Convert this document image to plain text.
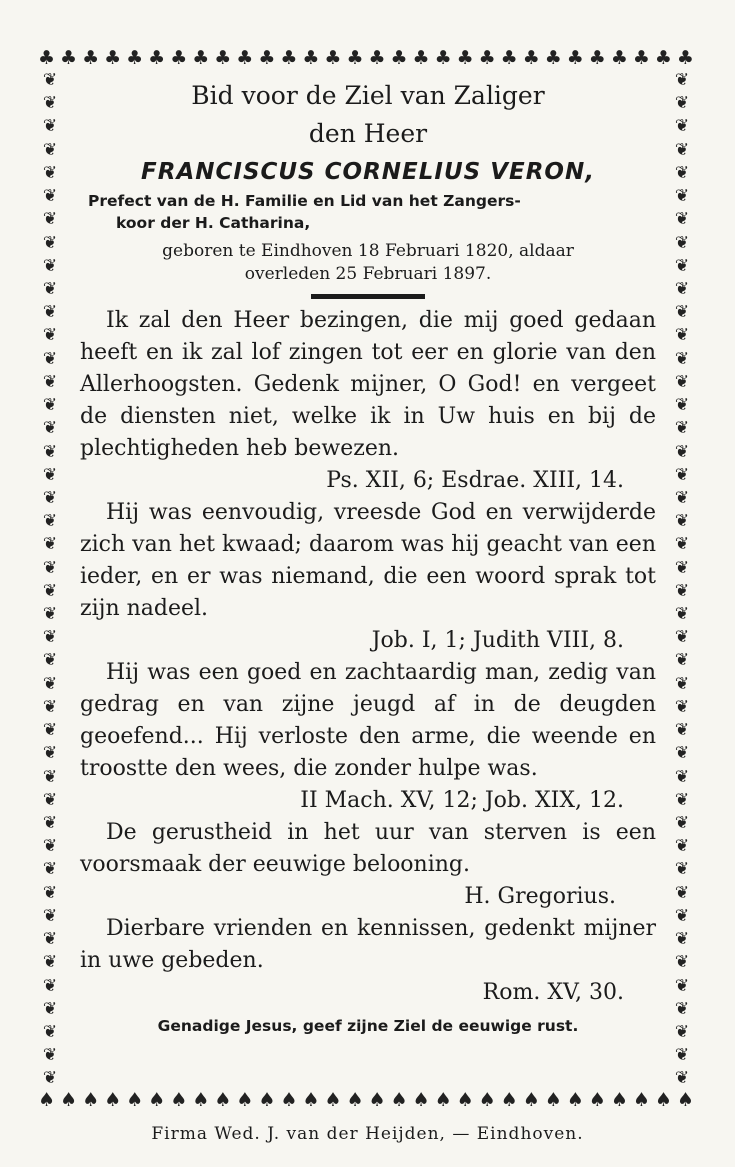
♣ ♣ ♣ ♣ ♣ ♣ ♣ ♣ ♣ ♣ ♣ ♣ ♣ ♣ ♣ ♣ ♣ ♣ ♣ ♣ ♣ ♣ ♣ ♣ ♣ ♣ ♣ ♣ ♣ ♣
❦
❦
❦
❦
❦
❦
❦
❦
❦
❦
❦
❦
❦
❦
❦
❦
❦
❦
❦
❦
❦
❦
❦
❦
❦
❦
❦
❦
❦
❦
❦
❦
❦
❦
❦
❦
❦
❦
❦
❦
❦
❦
❦
❦
❦
❦
❦
❦
❦
❦
❦
❦
❦
❦
❦
❦
❦
❦
❦
❦
❦
❦
❦
❦
❦
❦
❦
❦
❦
❦
❦
❦
❦
❦
❦
❦
❦
❦
❦
❦
❦
❦
❦
❦
❦
❦
❦
❦
♠ ♠ ♠ ♠ ♠ ♠ ♠ ♠ ♠ ♠ ♠ ♠ ♠ ♠ ♠ ♠ ♠ ♠ ♠ ♠ ♠ ♠ ♠ ♠ ♠ ♠ ♠ ♠ ♠ ♠
Bid voor de Ziel van Zaliger
den Heer
FRANCISCUS CORNELIUS VERON,
Prefect van de H. Familie en Lid van het Zangers-
koor der H. Catharina,
geboren te Eindhoven 18 Februari 1820, aldaar
overleden 25 Februari 1897.
Ik zal den Heer bezingen, die mij goed gedaan heeft en ik zal lof zingen tot eer en glorie van den Allerhoogsten. Gedenk mijner, O God! en vergeet de diensten niet, welke ik in Uw huis en bij de plechtigheden heb bewezen.
Ps. XII, 6; Esdrae. XIII, 14.
Hij was eenvoudig, vreesde God en verwijderde zich van het kwaad; daarom was hij geacht van een ieder, en er was niemand, die een woord sprak tot zijn nadeel.
Job. I, 1; Judith VIII, 8.
Hij was een goed en zachtaardig man, zedig van gedrag en van zijne jeugd af in de deugden geoefend... Hij verloste den arme, die weende en troostte den wees, die zonder hulpe was.
II Mach. XV, 12; Job. XIX, 12.
De gerustheid in het uur van sterven is een voorsmaak der eeuwige belooning.
H. Gregorius.
Dierbare vrienden en kennissen, gedenkt mijner in uwe gebeden.
Rom. XV, 30.
Genadige Jesus, geef zijne Ziel de eeuwige rust.
Firma Wed. J. van der Heijden, — Eindhoven.
